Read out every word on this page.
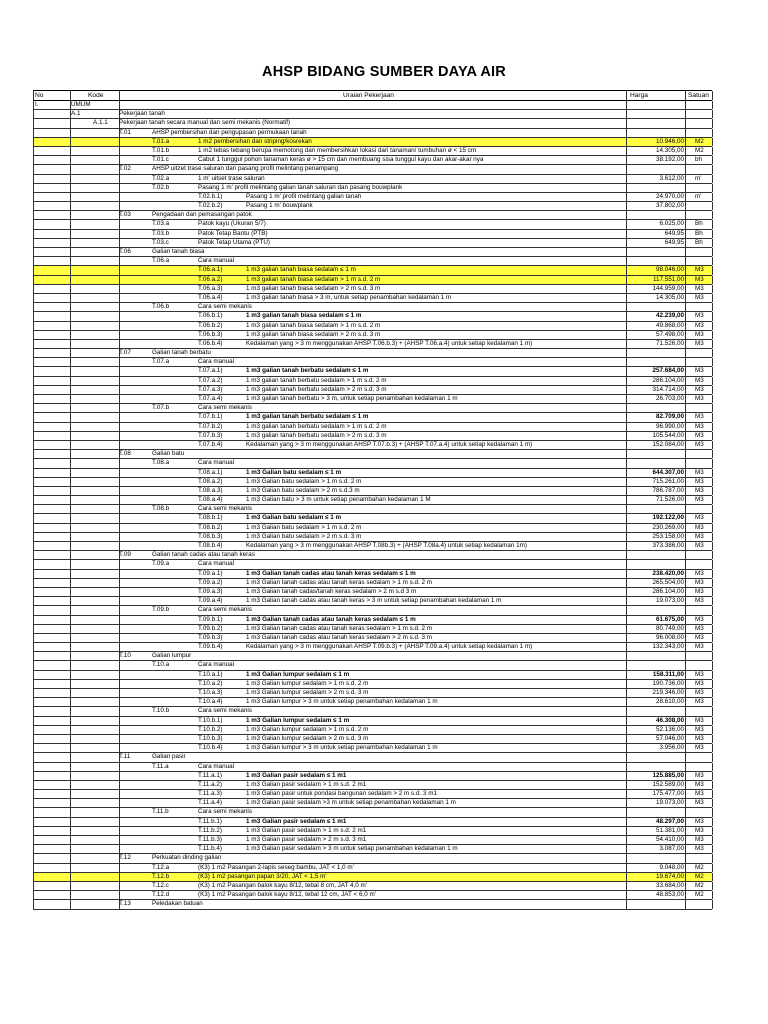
AHSP BIDANG SUMBER DAYA AIR
No	Kode	Uraian Pekerjaan	Harga	Satuan
I.	UMUM
A.1	Pekerjaan tanah
A.1.1 Pekerjaan tanah secara manual dan semi mekanis (Normatif)
T.01	AHSP pembersihan dan pengupasan permukaan tanah
T.01.a	1 m2 pembersihan dan striping/kosrekan	10.946,00 M2
T.01.b	1 m2 tebas tebang berupa memotong dan membersihkan lokasi dari tanaman/ tumbuhan ø < 15 cm	14.305,00 M2
T.01.c	Cabut 1 tunggul pohon tanaman keras ø > 15 cm dan membuang sisa tunggul kayu dan akar-akar nya	38.192,00 bh
T.02	AHSP uitzet trase saluran dan pasang profil melintang penampang
T.02.a	1 m' uitset trase saluran	3.612,00 m'
T.02.b	Pasang 1 m' profil melintang galian tanah saluran dan pasang bouwplank
T.02.b.1)	Pasang 1 m' profil melintang galian tanah	24.970,00 m'
T.02.b.2)	Pasang 1 m' bouwplank	37.802,00
T.03	Pengadaan dan pemasangan patok
T.03.a	Patok kayu (Ukuran 5/7)	6.025,00 Bh
T.03.b	Patok Tetap Bantu (PTB)	649,95 Bh
T.03.c	Patok Tetap Utama (PTU)	649,95 Bh
T.06	Galian tanah biasa
T.06.a	Cara manual
T.06.a.1)	1 m3 galian tanah biasa sedalam ≤ 1 m	98.046,00 M3
T.06.a.2)	1 m3 galian tanah biasa sedalam > 1 m s.d. 2 m	117.551,00 M3
T.06.a.3)	1 m3 galian tanah biasa sedalam > 2 m s.d. 3 m	144.959,00 M3
T.06.a.4)	1 m3 galian tanah biasa > 3 m, untuk setiap penambahan kedalaman 1 m	14.305,00 M3
T.06.b	Cara semi mekanis
T.06.b.1)	1 m3 galian tanah biasa sedalam ≤ 1 m	42.239,00 M3
T.06.b.2)	1 m3 galian tanah biasa sedalam > 1 m s.d. 2 m	49.868,00 M3
T.06.b.3)	1 m3 galian tanah biasa sedalam > 2 m s.d. 3 m	57.498,00 M3
T.06.b.4)	Kedalaman yang > 3 m menggunakan AHSP T.06.b.3) + (AHSP T.06.a.4) untuk setiap kedalaman 1 m)	71.526,00 M3
T.07	Galian tanah berbatu
T.07.a	Cara manual
T.07.a.1)	1 m3 galian tanah berbatu sedalam ≤ 1 m	257.684,00 M3
T.07.a.2)	1 m3 galian tanah berbatu sedalam > 1 m s.d. 2 m	286.104,00 M3
T.07.a.3)	1 m3 galian tanah berbatu sedalam > 2 m s.d. 3 m	314.714,00 M3
T.07.a.4)	1 m3 galian tanah berbatu > 3 m, untuk setiap penambahan kedalaman 1 m	26.703,00 M3
T.07.b	Cara semi mekanis
T.07.b.1)	1 m3 galian tanah berbatu sedalam ≤ 1 m	82.709,00 M3
T.07.b.2)	1 m3 galian tanah berbatu sedalam > 1 m s.d. 2 m	96.990,00 M3
T.07.b.3)	1 m3 galian tanah berbatu sedalam > 2 m s.d. 3 m	105.544,00 M3
T.07.b.4)	Kedalaman yang > 3 m menggunakan AHSP T.07.b.3) + (AHSP T.07.a.4) untuk setiap kedalaman 1 m)	152.084,00 M3
T.08	Galian batu
T.08.a	Cara manual
T.08.a.1)	1 m3 Galian batu sedalam ≤ 1 m	644.307,00 M3
T.08.a.2)	1 m3 Galian batu sedalam > 1 m s.d. 2 m	715.261,00 M3
T.08.a.3)	1 m3 Galian batu sedalam > 2 m s.d.3 m	786.787,00 M3
T.08.a.4)	1 m3 Galian batu > 3 m untuk setiap penambahan kedalaman 1 M	71.526,00 M3
T.08.b	Cara semi mekanis
T.08.b.1)	1 m3 Galian batu sedalam ≤ 1 m	192.122,00 M3
T.08.b.2)	1 m3 Galian batu sedalam > 1 m s.d. 2 m	230.269,00 M3
T.08.b.3)	1 m3 Galian batu sedalam > 2 m s.d. 3 m	253.158,00 M3
T.08.b.4)	Kedalaman yang > 3 m menggunakan AHSP T.08b.3) + (AHSP T.08a.4) untuk setiap kedalaman 1m)	373.386,00 M3
T.09	Galian tanah cadas atau tanah keras
T.09.a	Cara manual
T.09.a.1)	1 m3 Galian tanah cadas atau tanah keras sedalam ≤ 1 m	238.420,00 M3
T.09.a.2)	1 m3 Galian tanah cadas atau tanah keras sedalam > 1 m s.d. 2 m	265.504,00 M3
T.09.a.3)	1 m3 Galian tanah cadas/tanah keras sedalam > 2 m s.d 3 m	286.104,00 M3
T.09.a.4)	1 m3 Galian tanah cadas atau tanah keras > 3 m untuk setiap penambahan kedalaman 1 m	19.073,00 M3
T.09.b	Cara semi mekanis
T.09.b.1)	1 m3 Galian tanah cadas atau tanah keras sedalam ≤ 1 m	61.675,00 M3
T.09.b.2)	1 m3 Galian tanah cadas atau tanah keras sedalam > 1 m s.d. 2 m	80.749,00 M3
T.09.b.3)	1 m3 Galian tanah cadas atau tanah keras sedalam > 2 m s.d. 3 m	96.008,00 M3
T.09.b.4)	Kedalaman yang > 3 m menggunakan AHSP T.09.b.3) + (AHSP T.09.a.4) untuk setiap kedalaman 1 m)	132.343,00 M3
T.10	Galian lumpur
T.10.a	Cara manual
T.10.a.1)	1 m3 Galian lumpur sedalam ≤ 1 m	158.311,00 M3
T.10.a.2)	1 m3 Galian lumpur sedalam > 1 m s.d. 2 m	190.736,00 M3
T.10.a.3)	1 m3 Galian lumpur sedalam > 2 m s.d. 3 m	219.346,00 M3
T.10.a.4)	1 m3 Galian lumpur > 3 m untuk setiap penambahan kedalaman 1 m	28.610,00 M3
T.10.b	Cara semi mekanis
T.10.b.1)	1 m3 Galian lumpur sedalam ≤ 1 m	46.308,00 M3
T.10.b.2)	1 m3 Galian lumpur sedalam > 1 m s.d. 2 m	52.136,00 M3
T.10.b.3)	1 m3 Galian lumpur sedalam > 2 m s.d. 3 m	57.046,00 M3
T.10.b.4)	1 m3 Galian lumpur > 3 m untuk setiap penambahan kedalaman 1 m	3.956,00 M3
T.11	Galian pasir
T.11.a	Cara manual
T.11.a.1)	1 m3 Galian pasir sedalam ≤ 1 m1	125.885,00 M3
T.11.a.2)	1 m3 Galian pasir sedalam > 1 m s.d. 2 m1	152.589,00 M3
T.11.a.3)	1 m3 Galian pasir untuk pondasi bangunan sedalam > 2 m s.d. 3 m1	175.477,00 M3
T.11.a.4)	1 m3 Galian pasir sedalam >3 m untuk setiap penambahan kedalaman 1 m	19.073,00 M3
T.11.b	Cara semi mekanis
T.11.b.1)	1 m3 Galian pasir sedalam ≤ 1 m1	48.297,00 M3
T.11.b.2)	1 m3 Galian pasir sedalam > 1 m s.d. 2 m1	51.381,00 M3
T.11.b.3)	1 m3 Galian pasir sedalam > 2 m s.d. 3 m1	54.410,00 M3
T.11.b.4)	1 m3 Galian pasir sedalam > 3 m untuk setiap penambahan kedalaman 1 m	3.087,00 M3
T.12	Perkuatan dinding galian
T.12.a	(K3) 1 m2 Pasangan 2-lapis seseg bambu, JAT < 1,0 m'	9.048,00 M2
T.12.b	(K3) 1 m2 pasangan papan 3/20, JAT < 1,5 m'	19.674,00 M2
T.12.c	(K3) 1 m2 Pasangan balok kayu 8/12, tebal 8 cm, JAT 4,0 m'	33.684,00 M2
T.12.d	(K3) 1 m2 Pasangan balok kayu 8/12, tebal 12 cm, JAT < 6,0 m'	48.853,00 M2
T.13	Peledakan batuan
